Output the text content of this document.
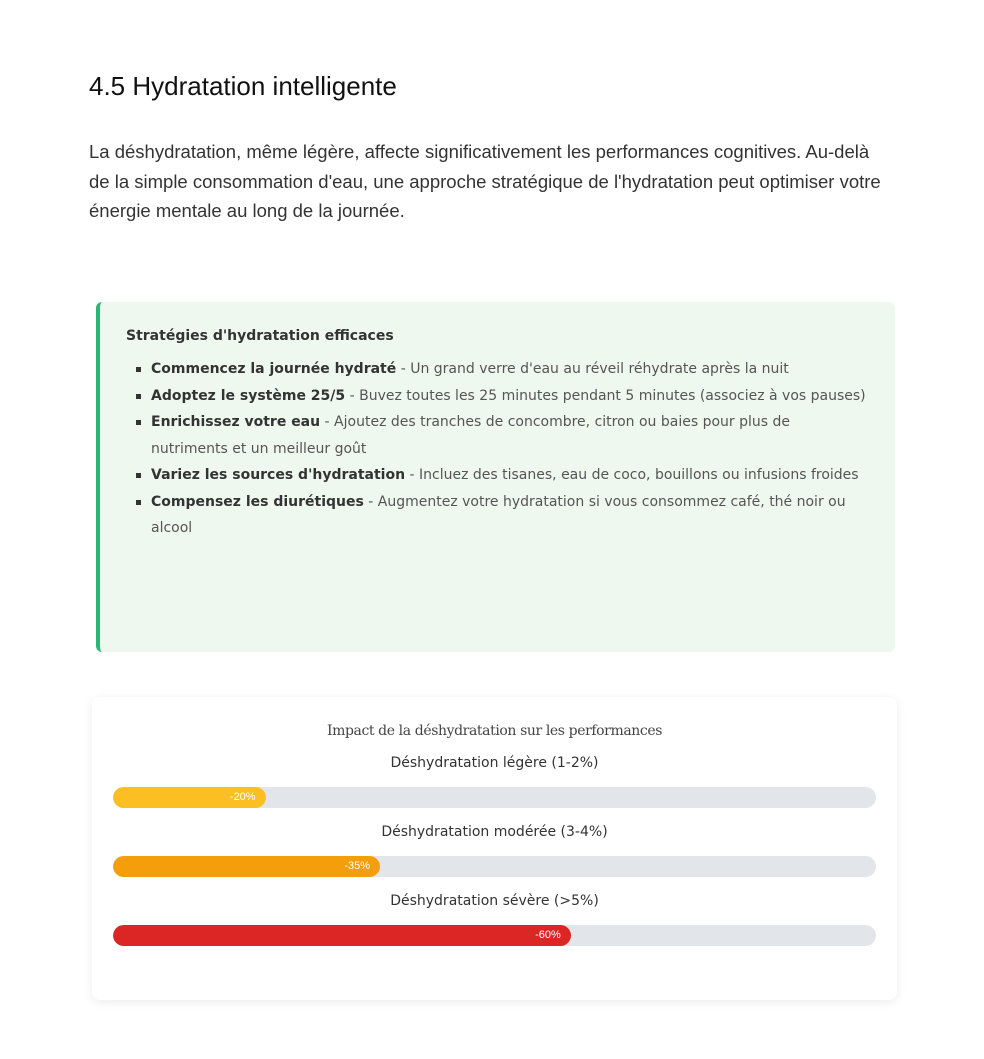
4.5 Hydratation intelligente

La déshydratation, même légère, affecte significativement les performances cognitives. Au-delà de la simple consommation d'eau, une approche stratégique de l'hydratation peut optimiser votre énergie mentale au long de la journée.

Stratégies d'hydratation efficaces
Commencez la journée hydraté - Un grand verre d'eau au réveil réhydrate après la nuit
Adoptez le système 25/5 - Buvez toutes les 25 minutes pendant 5 minutes (associez à vos pauses)
Enrichissez votre eau - Ajoutez des tranches de concombre, citron ou baies pour plus de nutriments et un meilleur goût
Variez les sources d'hydratation - Incluez des tisanes, eau de coco, bouillons ou infusions froides
Compensez les diurétiques - Augmentez votre hydratation si vous consommez café, thé noir ou alcool
Impact de la déshydratation sur les performances
Déshydratation légère (1-2%)
-20%
Déshydratation modérée (3-4%)
-35%
Déshydratation sévère (>5%)
-60%
